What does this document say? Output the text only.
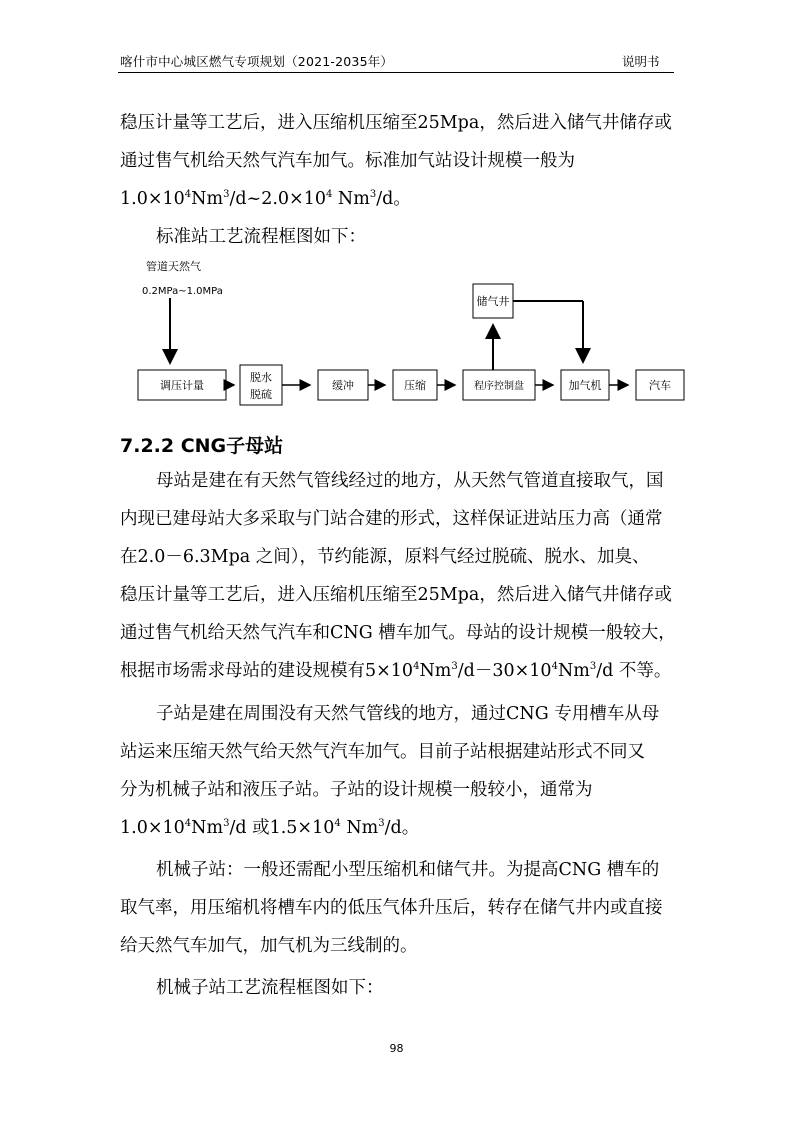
喀什市中心城区燃气专项规划（2021-2035年）	说明书
稳压计量等工艺后，进入压缩机压缩至25Mpa，然后进入储气井储存或
通过售气机给天然气汽车加气。标准加气站设计规模一般为
$1.0\times 10^4Nm^3/d\sim 2.0\times 10^4$ Nm$^3$/d。
标准站工艺流程框图如下：
管道天然气
0.2MPa~1.0MPa
调压计量
脱水
脱硫
缓冲	压缩	程序控制盘
储气井
加气机	汽车
7.2.2 CNG子母站
母站是建在有天然气管线经过的地方，从天然气管道直接取气，国
内现已建母站大多采取与门站合建的形式，这样保证进站压力高（通常
在2.0－6.3Mpa 之间），节约能源，原料气经过脱硫、脱水、加臭、
稳压计量等工艺后，进入压缩机压缩至25Mpa，然后进入储气井储存或
通过售气机给天然气汽车和CNG 槽车加气。母站的设计规模一般较大，
根据市场需求母站的建设规模有$5\times 10^4Nm^3/d-30\times 10^4Nm^3/d$ 不等。
子站是建在周围没有天然气管线的地方，通过CNG 专用槽车从母
站运来压缩天然气给天然气汽车加气。目前子站根据建站形式不同又
分为机械子站和液压子站。子站的设计规模一般较小，通常为
$1.0\times 10^4Nm^3/d$ 或$1.5\times 10^4$ Nm$^3$/d。
机械子站：一般还需配小型压缩机和储气井。为提高CNG 槽车的
取气率，用压缩机将槽车内的低压气体升压后，转存在储气井内或直接
给天然气车加气，加气机为三线制的。
机械子站工艺流程框图如下：
98
